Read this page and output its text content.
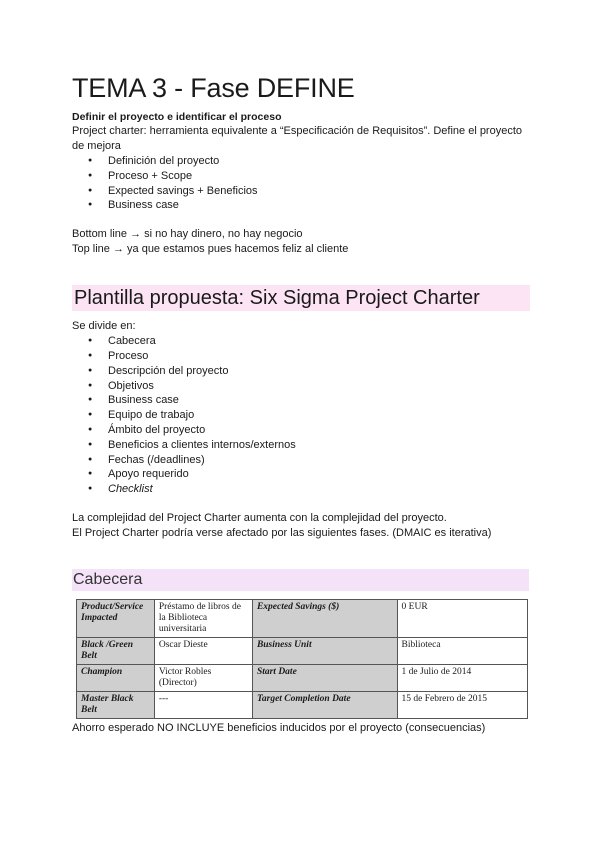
TEMA 3 - Fase DEFINE
Definir el proyecto e identificar el proceso

Project charter: herramienta equivalente a “Especificación de Requisitos”. Define el proyecto de mejora

● Definición del proyecto
● Proceso + Scope
● Expected savings + Beneficios
● Business case

Bottom line → si no hay dinero, no hay negocio

Top line → ya que estamos pues hacemos feliz al cliente

Plantilla propuesta: Six Sigma Project Charter

Se divide en:

● Cabecera
● Proceso
● Descripción del proyecto
● Objetivos
● Business case
● Equipo de trabajo
● Ámbito del proyecto
● Beneficios a clientes internos/externos
● Fechas (/deadlines)
● Apoyo requerido
● Checklist

La complejidad del Project Charter aumenta con la complejidad del proyecto.

El Project Charter podría verse afectado por las siguientes fases. (DMAIC es iterativa)

Cabecera
Product/Service Impacted	Préstamo de libros de la Biblioteca universitaria	Expected Savings ($)	0 EUR
Black /Green Belt	Oscar Dieste	Business Unit	Biblioteca
Champion	Victor Robles (Director)	Start Date	1 de Julio de 2014
Master Black Belt	---	Target Completion Date	15 de Febrero de 2015

Ahorro esperado NO INCLUYE beneficios inducidos por el proyecto (consecuencias)
